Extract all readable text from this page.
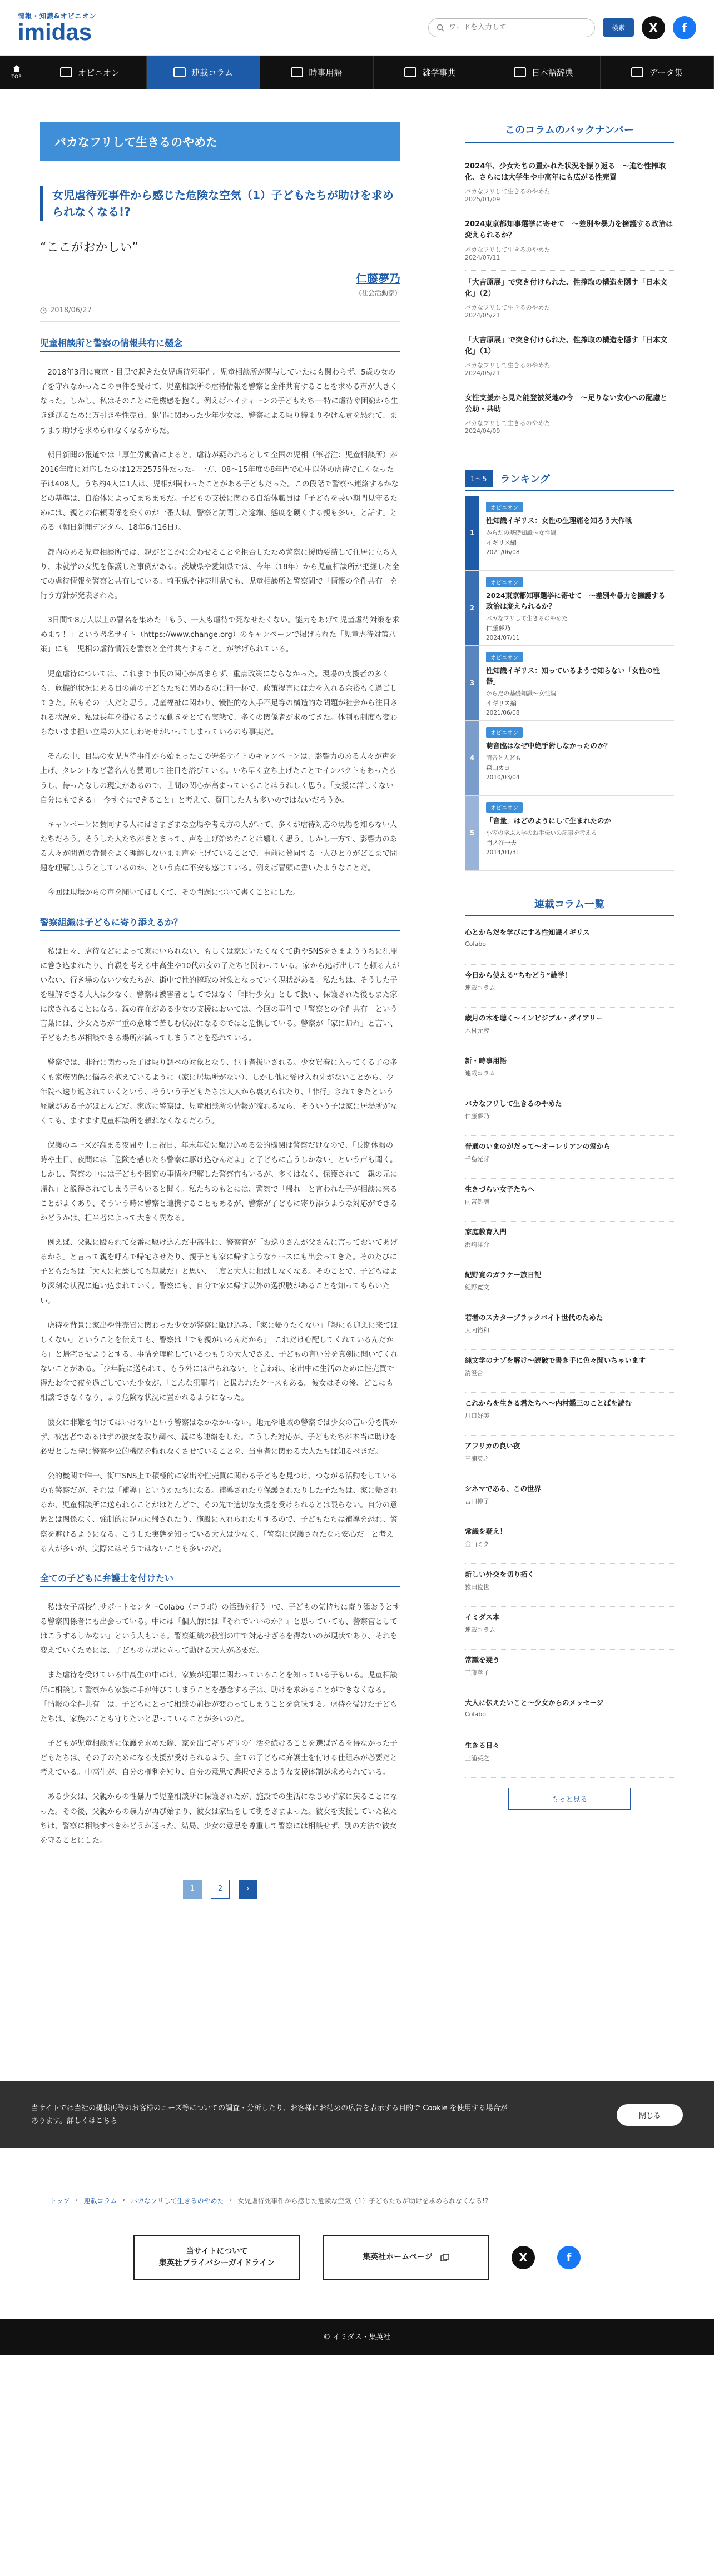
情報・知識&オピニオン
imidas
ワードを入力して	検索	X	f
TOP	オピニオン	連載コラム	時事用語	雑学事典	日本語辞典	データ集
バカなフリして生きるのやめた
女児虐待死事件から感じた危険な空気（1）子どもたちが助けを求められなくなる!?
“ここがおかしい”
仁藤夢乃
(社会活動家)
2018/06/27
児童相談所と警察の情報共有に懸念

2018年3月に東京・目黒で起きた女児虐待死事件。児童相談所が関与していたにも関わらず、5歳の女の子を守れなかったこの事件を受けて、児童相談所の虐待情報を警察と全件共有することを求める声が大きくなった。しかし、私はそのことに危機感を抱く。例えばハイティーンの子どもたち──特に虐待や困窮から生き延びるために万引きや性売買、犯罪に関わった少年少女は、警察による取り締まりやけん責を恐れて、ますます助けを求められなくなるからだ。

朝日新聞の報道では「厚生労働省によると、虐待が疑われるとして全国の児相（筆者注：児童相談所）が2016年度に対応したのは12万2575件だった。一方、08〜15年度の8年間で心中以外の虐待で亡くなった子は408人。うち約4人に1人は、児相が関わったことがある子どもだった。この段階で警察へ連絡するかなどの基準は、自治体によってまちまちだ。子どもの支援に関わる自治体職員は「子どもを長い期間見守るためには、親との信頼関係を築くのが一番大切。警察と訪問した途端、態度を硬くする親も多い」と話す」とある（朝日新聞デジタル、18年6月16日）。

都内のある児童相談所では、親がどこかに会わせることを拒否したため警察に援助要請して住居に立ち入り、未就学の女児を保護した事例がある。茨城県や愛知県では、今年（18年）から児童相談所が把握した全ての虐待情報を警察と共有している。埼玉県や神奈川県でも、児童相談所と警察間で「情報の全件共有」を行う方針が発表された。

3日間で8万人以上の署名を集めた「もう、一人も虐待で死なせたくない。能力をあげて児童虐待対策を求めます！」という署名サイト（https://www.change.org）のキャンペーンで掲げられた「児童虐待対策八策」にも「児相の虐待情報を警察と全件共有すること」が挙げられている。

児童虐待については、これまで市民の関心が高まらず、重点政策にならなかった。現場の支援者の多くも、危機的状況にある目の前の子どもたちに関わるのに精一杯で、政策提言には力を入れる余裕もく過ごしてきた。私もその一人だと思う。児童福祉に関わり、慢性的な人手不足等の構造的な問題が社会から注目される状況を、私は長年を掛けるような動きをとても実態で、多くの関係者が求めてきた。体制も制度も変わらないまま担い立場の人にしわ寄せがいってしまっているのも事実だ。

そんな中、目黒の女児虐待事件から始まったこの署名サイトのキャンペーンは、影響力のある人々が声を上げ、タレントなど著名人も賛同して注目を浴びている。いち早く立ち上げたことでインパクトもあったろうし、待ったなしの現実があるので、世間の関心が高まっていることはうれしく思う。「支援に詳しくない自分にもできる」「今すぐにできること」と考えて、賛同した人も多いのではないだろうか。

キャンペーンに賛同する人にはさまざまな立場や考え方の人がいて、多くが虐待対応の現場を知らない人たちだろう。そうした人たちがまとまって、声を上げ始めたことは嬉しく思う。しかし一方で、影響力のある人々が問題の背景をよく理解しないまま声を上げていることで、事前に賛同する一人ひとりがどこまで問題を理解しようとしているのか、という点に不安も感じている。例えば冒頭に書いたようなことだ。

今回は現場からの声を聞いてほしくて、その問題について書くことにした。

警察組織は子どもに寄り添えるか？

私は日々、虐待などによって家にいられない、もしくは家にいたくなくて街やSNSをさまよううちに犯罪に巻き込まれたり、自殺を考える中高生や10代の女の子たちと関わっている。家から逃げ出しても頼る人がいない、行き場のない少女たちが、街中で性的搾取の対象となっていく現状がある。私たちは、そうした子を理解できる大人は少なく、警察は被害者としてではなく「非行少女」として扱い、保護された後もまた家に戻されることになる。親の存在がある少女の支援においては、今回の事件で「警察との全件共有」という言葉には、少女たちが二重の意味で苦しむ状況になるのではと危惧している。警察が「家に帰れ」と言い、子どもたちが相談できる場所が減ってしまうことを恐れている。

警察では、非行に関わった子は取り調べの対象となり、犯罪者扱いされる。少女買春に入ってくる子の多くも家族関係に悩みを抱えているように（家に居場所がない）、しかし他に受け入れ先がないことから、少年院へ送り返されていくという、そういう子どもたちは大人から裏切られたり、「非行」されてきたという経験がある子がほとんどだ。家族に警察は、児童相談所の情報が流れるなら、そういう子は家に居場所がなくても、ますます児童相談所を頼れなくなるだろう。

保護のニーズが高まる夜間や土日祝日、年末年始に駆け込める公的機関は警察だけなので、「長期休暇の時や土日、夜間には「危険を感じたら警察に駆け込むんだよ」と子どもに言うしかない」という声も聞く。しかし、警察の中には子どもや困窮の事情を理解した警察官もいるが、多くはなく、保護されて「親の元に帰れ」と説得されてしまう子もいると聞く。私たちのもとには、警察で「帰れ」と言われた子が相談に来ることがよくあり、そういう時に警察と連携することもあるが、警察が子どもに寄り添うような対応ができるかどうかは、担当者によって大きく異なる。

例えば、父親に殴られて交番に駆け込んだ中高生に、警察官が「お巡りさんが父さんに言っておいてあげるから」と言って親を呼んで帰宅させたり、親子とも家に帰すようなケースにも出会ってきた。そのたびに子どもたちは「大人に相談しても無駄だ」と思い、二度と大人に相談しなくなる。そのことで、子どもはより深刻な状況に追い込まれていく。警察にも、自分で家に帰す以外の選択肢があることを知ってもらいたい。

虐待を背景に家出や性売買に関わった少女が警察に駆け込み、「家に帰りたくない」「親にも迎えに来てほしくない」ということを伝えても、警察は「でも親がいるんだから」「これだけ心配してくれているんだから」と帰宅させようとする。事情を理解しているつもりの大人でさえ、子どもの言い分を真剣に聞いてくれないことがある。「少年院に送られて、もう外には出られない」と言われ、家出中に生活のために性売買で得たお金で夜を過ごしていた少女が、「こんな犯罪者」と扱われたケースもある。彼女はその後、どこにも相談できなくなり、より危険な状況に置かれるようになった。

彼女に非難を向けてはいけないという警察はなかなかいない。地元や地域の警察では少女の言い分を聞かず、被害者であるはずの彼女を取り調べ、親にも連絡をした。こうした対応が、子どもたちが本当に助けを必要とした時に警察や公的機関を頼れなくさせていることを、当事者に関わる大人たちは知るべきだ。

公的機関で唯一、街中SNS上で積極的に家出や性売買に関わる子どもを見つけ、つながる活動をしているのも警察だが、それは「補導」というかたちになる。補導されたり保護されたりした子たちは、家に帰されるか、児童相談所に送られることがほとんどで、その先で適切な支援を受けられるとは限らない。自分の意思とは関係なく、強制的に親元に帰されたり、施設に入れられたりするので、子どもたちは補導を恐れ、警察を避けるようになる。こうした実態を知っている大人は少なく、「警察に保護されたなら安心だ」と考える人が多いが、実際にはそうではないことも多いのだ。

全ての子どもに弁護士を付けたい

私は女子高校生サポートセンターColabo（コラボ）の活動を行う中で、子どもの気持ちに寄り添おうとする警察関係者にも出会っている。中には「個人的には『それでいいのか？』と思っていても、警察官としてはこうするしかない」という人もいる。警察組織の役割の中で対応せざるを得ないのが現状であり、それを変えていくためには、子どもの立場に立って動ける大人が必要だ。

また虐待を受けている中高生の中には、家族が犯罪に関わっていることを知っている子もいる。児童相談所に相談して警察から家族に手が伸びてしまうことを懸念する子は、助けを求めることができなくなる。「情報の全件共有」は、子どもにとって相談の前提が変わってしまうことを意味する。虐待を受けた子どもたちは、家族のことも守りたいと思っていることが多いのだ。

子どもが児童相談所に保護を求めた際、家を出てギリギリの生活を続けることを選ばざるを得なかった子どもたちは、その子のためになる支援が受けられるよう、全ての子どもに弁護士を付ける仕組みが必要だと考えている。中高生が、自分の権利を知り、自分の意思で選択できるような支援体制が求められている。

ある少女は、父親からの性暴力で児童相談所に保護されたが、施設での生活になじめず家に戻ることになった。その後、父親からの暴力が再び始まり、彼女は家出をして街をさまよった。彼女を支援していた私たちは、警察に相談すべきかどうか迷った。結局、少女の意思を尊重して警察には相談せず、別の方法で彼女を守ることにした。

1	2	›
このコラムのバックナンバー
2024年、少女たちの置かれた状況を振り返る　〜進む性搾取化、さらには大学生や中高年にも広がる性売買
バカなフリして生きるのやめた
2025/01/09
2024東京都知事選挙に寄せて　〜差別や暴力を擁護する政治は変えられるか？
バカなフリして生きるのやめた
2024/07/11
「大吉原展」で突き付けられた、性搾取の構造を隠す「日本文化」（2）
バカなフリして生きるのやめた
2024/05/21
「大吉原展」で突き付けられた、性搾取の構造を隠す「日本文化」（1）
バカなフリして生きるのやめた
2024/05/21
女性支援から見た能登被災地の今　〜足りない安心への配慮と公助・共助
バカなフリして生きるのやめた
2024/04/09
1〜5	ランキング
1
オピニオン
性知識イギリス：女性の生理痛を知ろう大作戦
からだの基礎知識〜女性編
イギリス編
2021/06/08
2
オピニオン
2024東京都知事選挙に寄せて　〜差別や暴力を擁護する政治は変えられるか？
バカなフリして生きるのやめた
仁藤夢乃
2024/07/11
3
オピニオン
性知識イギリス：知っているようで知らない「女性の性器」
からだの基礎知識〜女性編
イギリス編
2021/06/08
4
オピニオン
萌音臨はなぜ中絶手術しなかったのか？
萌音と人ども
森山カヨ
2010/03/04
5
オピニオン
「音量」はどのようにして生まれたのか
小笠の学ぶ入学のお手伝いの記事を考える
岡ノ谷一夫
2014/01/31
連載コラム一覧
心とからだを学びにする性知識イギリス
Colabo
今日から使える“ちむどう”雑学！
連載コラム
歳月の木を聴く〜インビジブル・ダイアリー
木村元彦
新・時事用語
連載コラム
バカなフリして生きるのやめた
仁藤夢乃
普通のいまのがだって〜オーレリアンの窓から
千島光芽
生きづらい女子たちへ
雨宮処凛
家庭教育入門
浜崎洋介
紀野寛のガラケー旅日記
紀野寛文
若者のスカターブラックバイト世代のためた
大内裕和
純文学のナゾを解け〜読破で書き手に色々聞いちゃいます
清澄舎
これからを生きる君たちへ〜内村鑑三のことばを読む
川口好美
アフリカの良い夜
三浦英之
シネマである、この世界
吉田伸子
常識を疑え！
金山ミク
新しい外交を切り拓く
猿田佐世
イミダス本
連載コラム
常識を疑う
工藤孝子
大人に伝えたいこと〜少女からのメッセージ
Colabo
生きる日々
三浦英之
もっと見る
当サイトでは当社の提供再等のお客様のニーズ等についての調査・分析したり、お客様にお勧めの広告を表示する目的で Cookie を使用する場合があります。詳しくはこちら
閉じる
トップ › 連載コラム › バカなフリして生きるのやめた › 女児虐待死事件から感じた危険な空気（1）子どもたちが助けを求められなくなる!?
当サイトについて
集英社プライバシーガイドライン
集英社ホームページ	X	f
© イミダス・集英社
